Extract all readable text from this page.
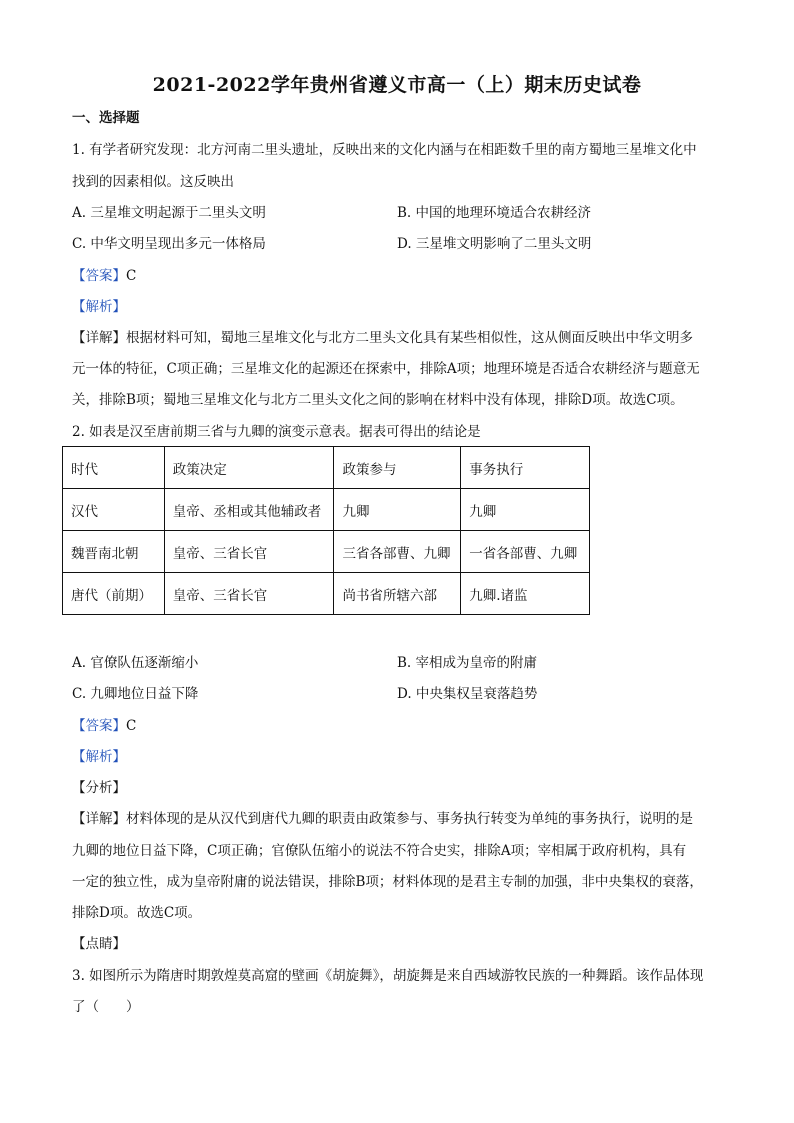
2021-2022学年贵州省遵义市高一（上）期末历史试卷
一、选择题
1. 有学者研究发现：北方河南二里头遗址，反映出来的文化内涵与在相距数千里的南方蜀地三星堆文化中
找到的因素相似。这反映出
A. 三星堆文明起源于二里头文明	B. 中国的地理环境适合农耕经济
C. 中华文明呈现出多元一体格局	D. 三星堆文明影响了二里头文明
【答案】C
【解析】
【详解】根据材料可知，蜀地三星堆文化与北方二里头文化具有某些相似性，这从侧面反映出中华文明多
元一体的特征，C项正确；三星堆文化的起源还在探索中，排除A项；地理环境是否适合农耕经济与题意无
关，排除B项；蜀地三星堆文化与北方二里头文化之间的影响在材料中没有体现，排除D项。故选C项。
2. 如表是汉至唐前期三省与九卿的演变示意表。据表可得出的结论是
时代	政策决定	政策参与	事务执行
汉代	皇帝、丞相或其他辅政者	九卿	九卿
魏晋南北朝	皇帝、三省长官	三省各部曹、九卿	一省各部曹、九卿
唐代（前期）	皇帝、三省长官	尚书省所辖六部	九卿.诸监
A. 官僚队伍逐渐缩小	B. 宰相成为皇帝的附庸
C. 九卿地位日益下降	D. 中央集权呈衰落趋势
【答案】C
【解析】
【分析】
【详解】材料体现的是从汉代到唐代九卿的职责由政策参与、事务执行转变为单纯的事务执行，说明的是
九卿的地位日益下降，C项正确；官僚队伍缩小的说法不符合史实，排除A项；宰相属于政府机构，具有
一定的独立性，成为皇帝附庸的说法错误，排除B项；材料体现的是君主专制的加强，非中央集权的衰落，
排除D项。故选C项。
【点睛】
3. 如图所示为隋唐时期敦煌莫高窟的壁画《胡旋舞》，胡旋舞是来自西域游牧民族的一种舞蹈。该作品体现
了（　　）
